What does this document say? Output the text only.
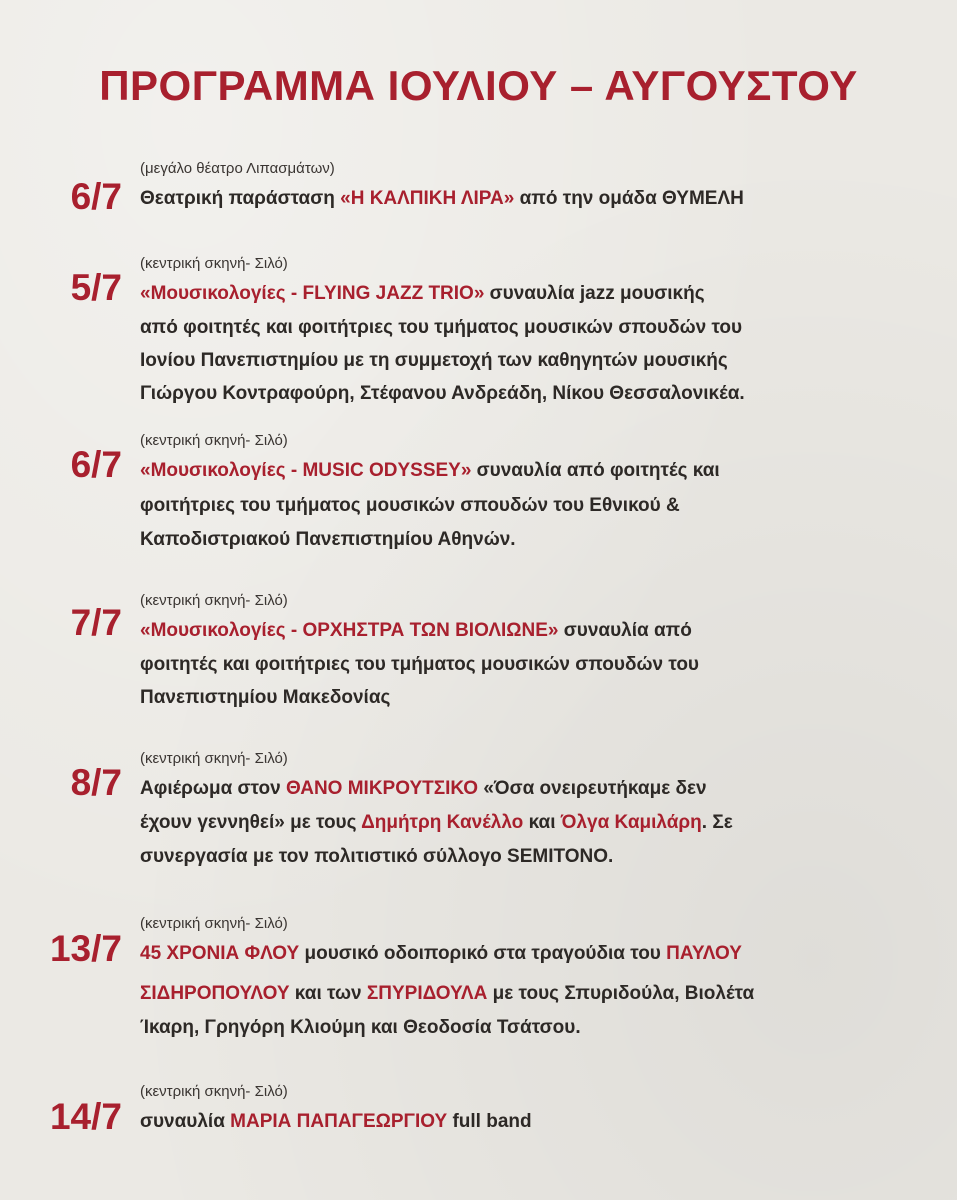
ΠΡΟΓΡΑΜΜΑ ΙΟΥΛΙΟΥ – ΑΥΓΟΥΣΤΟΥ
6/7
(μεγάλο θέατρο Λιπασμάτων)
Θεατρική παράσταση «Η ΚΑΛΠΙΚΗ ΛΙΡΑ» από την ομάδα ΘΥΜΕΛΗ
5/7
(κεντρική σκηνή- Σιλό)
«Μουσικολογίες - FLYING JAZZ TRIO» συναυλία jazz μουσικής
από φοιτητές και φοιτήτριες του τμήματος μουσικών σπουδών του
Ιονίου Πανεπιστημίου με τη συμμετοχή των καθηγητών μουσικής
Γιώργου Κοντραφούρη, Στέφανου Ανδρεάδη, Νίκου Θεσσαλονικέα.
6/7
(κεντρική σκηνή- Σιλό)
«Μουσικολογίες - MUSIC ODYSSEY» συναυλία από φοιτητές και
φοιτήτριες του τμήματος μουσικών σπουδών του Εθνικού &
Καποδιστριακού Πανεπιστημίου Αθηνών.
7/7
(κεντρική σκηνή- Σιλό)
«Μουσικολογίες - ΟΡΧΗΣΤΡΑ ΤΩΝ ΒΙΟΛΙΩΝΕ» συναυλία από
φοιτητές και φοιτήτριες του τμήματος μουσικών σπουδών του
Πανεπιστημίου Μακεδονίας
8/7
(κεντρική σκηνή- Σιλό)
Αφιέρωμα στον ΘΑΝΟ ΜΙΚΡΟΥΤΣΙΚΟ «Όσα ονειρευτήκαμε δεν
έχουν γεννηθεί» με τους Δημήτρη Κανέλλο και Όλγα Καμιλάρη. Σε
συνεργασία με τον πολιτιστικό σύλλογο SEMITONO.
13/7
(κεντρική σκηνή- Σιλό)
45 ΧΡΟΝΙΑ ΦΛΟΥ μουσικό οδοιπορικό στα τραγούδια του ΠΑΥΛΟΥ
ΣΙΔΗΡΟΠΟΥΛΟΥ και των ΣΠΥΡΙΔΟΥΛΑ με τους Σπυριδούλα, Βιολέτα
Ίκαρη, Γρηγόρη Κλιούμη και Θεοδοσία Τσάτσου.
14/7
(κεντρική σκηνή- Σιλό)
συναυλία ΜΑΡΙΑ ΠΑΠΑΓΕΩΡΓΙΟΥ full band
